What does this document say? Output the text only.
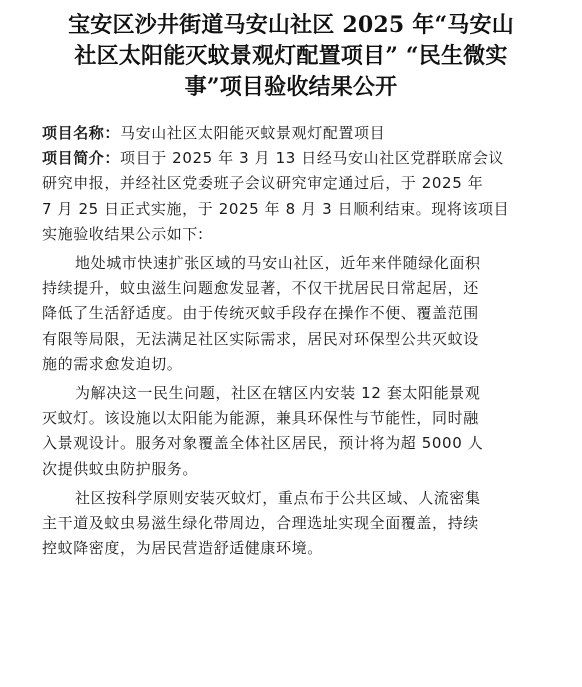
宝安区沙井街道马安山社区 2025 年“马安山
社区太阳能灭蚊景观灯配置项目” “民生微实
事”项目验收结果公开
项目名称：马安山社区太阳能灭蚊景观灯配置项目
项目简介：项目于 2025 年 3 月 13 日经马安山社区党群联席会议
研究申报，并经社区党委班子会议研究审定通过后，于 2025 年
7 月 25 日正式实施，于 2025 年 8 月 3 日顺利结束。现将该项目
实施验收结果公示如下:
地处城市快速扩张区域的马安山社区，近年来伴随绿化面积
持续提升，蚊虫滋生问题愈发显著，不仅干扰居民日常起居，还
降低了生活舒适度。由于传统灭蚊手段存在操作不便、覆盖范围
有限等局限，无法满足社区实际需求，居民对环保型公共灭蚊设
施的需求愈发迫切。
为解决这一民生问题，社区在辖区内安装 12 套太阳能景观
灭蚊灯。该设施以太阳能为能源，兼具环保性与节能性，同时融
入景观设计。服务对象覆盖全体社区居民，预计将为超 5000 人
次提供蚊虫防护服务。
社区按科学原则安装灭蚊灯，重点布于公共区域、人流密集
主干道及蚊虫易滋生绿化带周边，合理选址实现全面覆盖，持续
控蚊降密度，为居民营造舒适健康环境。
